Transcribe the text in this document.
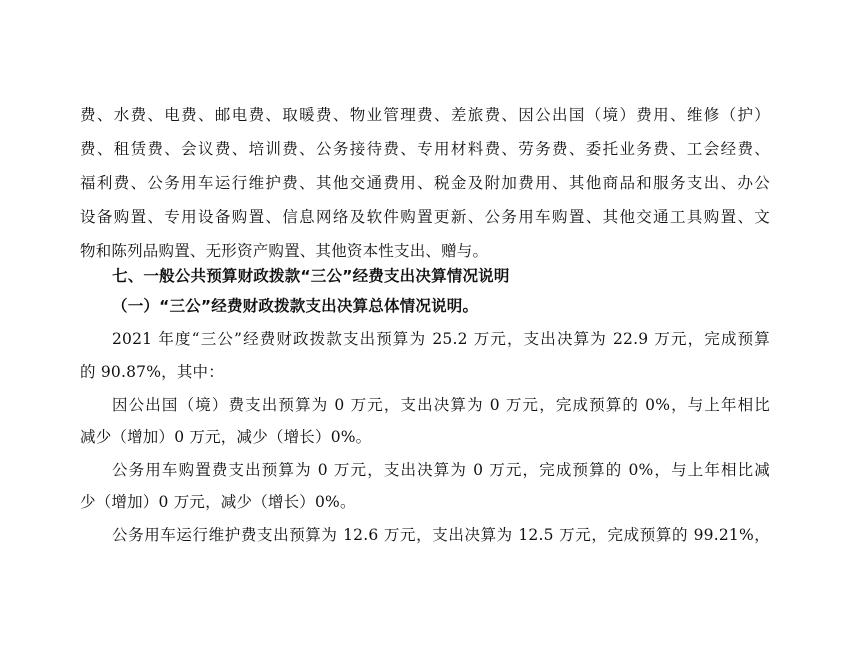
费、水费、电费、邮电费、取暖费、物业管理费、差旅费、因公出国（境）费用、维修（护）
费、租赁费、会议费、培训费、公务接待费、专用材料费、劳务费、委托业务费、工会经费、
福利费、公务用车运行维护费、其他交通费用、税金及附加费用、其他商品和服务支出、办公
设备购置、专用设备购置、信息网络及软件购置更新、公务用车购置、其他交通工具购置、文
物和陈列品购置、无形资产购置、其他资本性支出、赠与。
七、一般公共预算财政拨款“三公”经费支出决算情况说明
（一）“三公”经费财政拨款支出决算总体情况说明。
2021 年度“三公”经费财政拨款支出预算为 25.2 万元，支出决算为 22.9 万元，完成预算
的 90.87%，其中：
因公出国（境）费支出预算为 0 万元，支出决算为 0 万元，完成预算的 0%，与上年相比
减少（增加）0 万元，减少（增长）0%。
公务用车购置费支出预算为 0 万元，支出决算为 0 万元，完成预算的 0%，与上年相比减
少（增加）0 万元，减少（增长）0%。
公务用车运行维护费支出预算为 12.6 万元，支出决算为 12.5 万元，完成预算的 99.21%，
